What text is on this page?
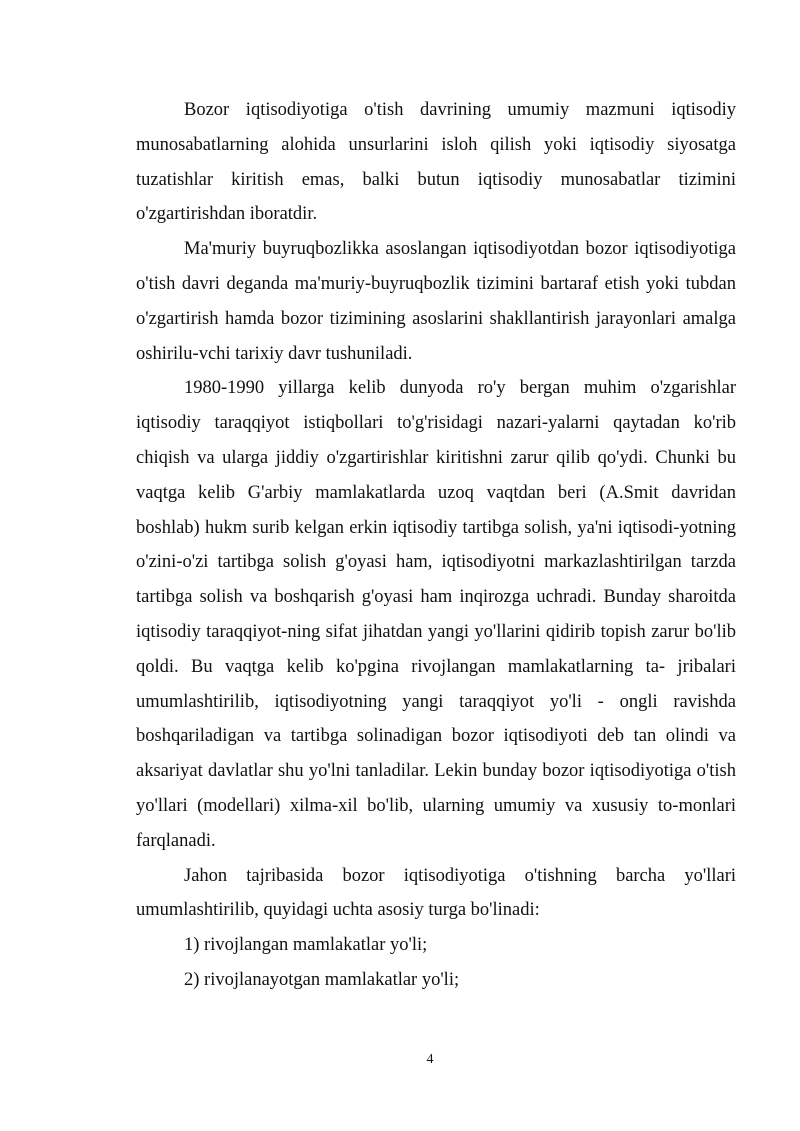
Bozor iqtisodiyotiga o'tish davrining umumiy mazmuni iqtisodiy munosabatlarning alohida unsurlarini isloh qilish yoki iqtisodiy siyosatga tuzatishlar kiritish emas, balki butun iqtisodiy munosabatlar tizimini o'zgartirishdan iboratdir.

Ma'muriy buyruqbozlikka asoslangan iqtisodiyotdan bozor iqtisodiyotiga o'tish davri deganda ma'muriy-buyruqbozlik tizimini bartaraf etish yoki tubdan o'zgartirish hamda bozor tizimining asoslarini shakllantirish jarayonlari amalga oshirilu-vchi tarixiy davr tushuniladi.

1980-1990 yillarga kelib dunyoda ro'y bergan muhim o'zgarishlar iqtisodiy taraqqiyot istiqbollari to'g'risidagi nazari-yalarni qaytadan ko'rib chiqish va ularga jiddiy o'zgartirishlar kiritishni zarur qilib qo'ydi. Chunki bu vaqtga kelib G'arbiy mamlakatlarda uzoq vaqtdan beri (A.Smit davridan boshlab) hukm surib kelgan erkin iqtisodiy tartibga solish, ya'ni iqtisodi-yotning o'zini-o'zi tartibga solish g'oyasi ham, iqtisodiyotni markazlashtirilgan tarzda tartibga solish va boshqarish g'oyasi ham inqirozga uchradi. Bunday sharoitda iqtisodiy taraqqiyot-ning sifat jihatdan yangi yo'llarini qidirib topish zarur bo'lib qoldi. Bu vaqtga kelib ko'pgina rivojlangan mamlakatlarning ta- jribalari umumlashtirilib, iqtisodiyotning yangi taraqqiyot yo'li - ongli ravishda boshqariladigan va tartibga solinadigan bozor iqtisodiyoti deb tan olindi va aksariyat davlatlar shu yo'lni tanladilar. Lekin bunday bozor iqtisodiyotiga o'tish yo'llari (modellari) xilma-xil bo'lib, ularning umumiy va xususiy to-monlari farqlanadi.

Jahon tajribasida bozor iqtisodiyotiga o'tishning barcha yo'llari umumlashtirilib, quyidagi uchta asosiy turga bo'linadi:

1) rivojlangan mamlakatlar yo'li;

2) rivojlanayotgan mamlakatlar yo'li;

4
